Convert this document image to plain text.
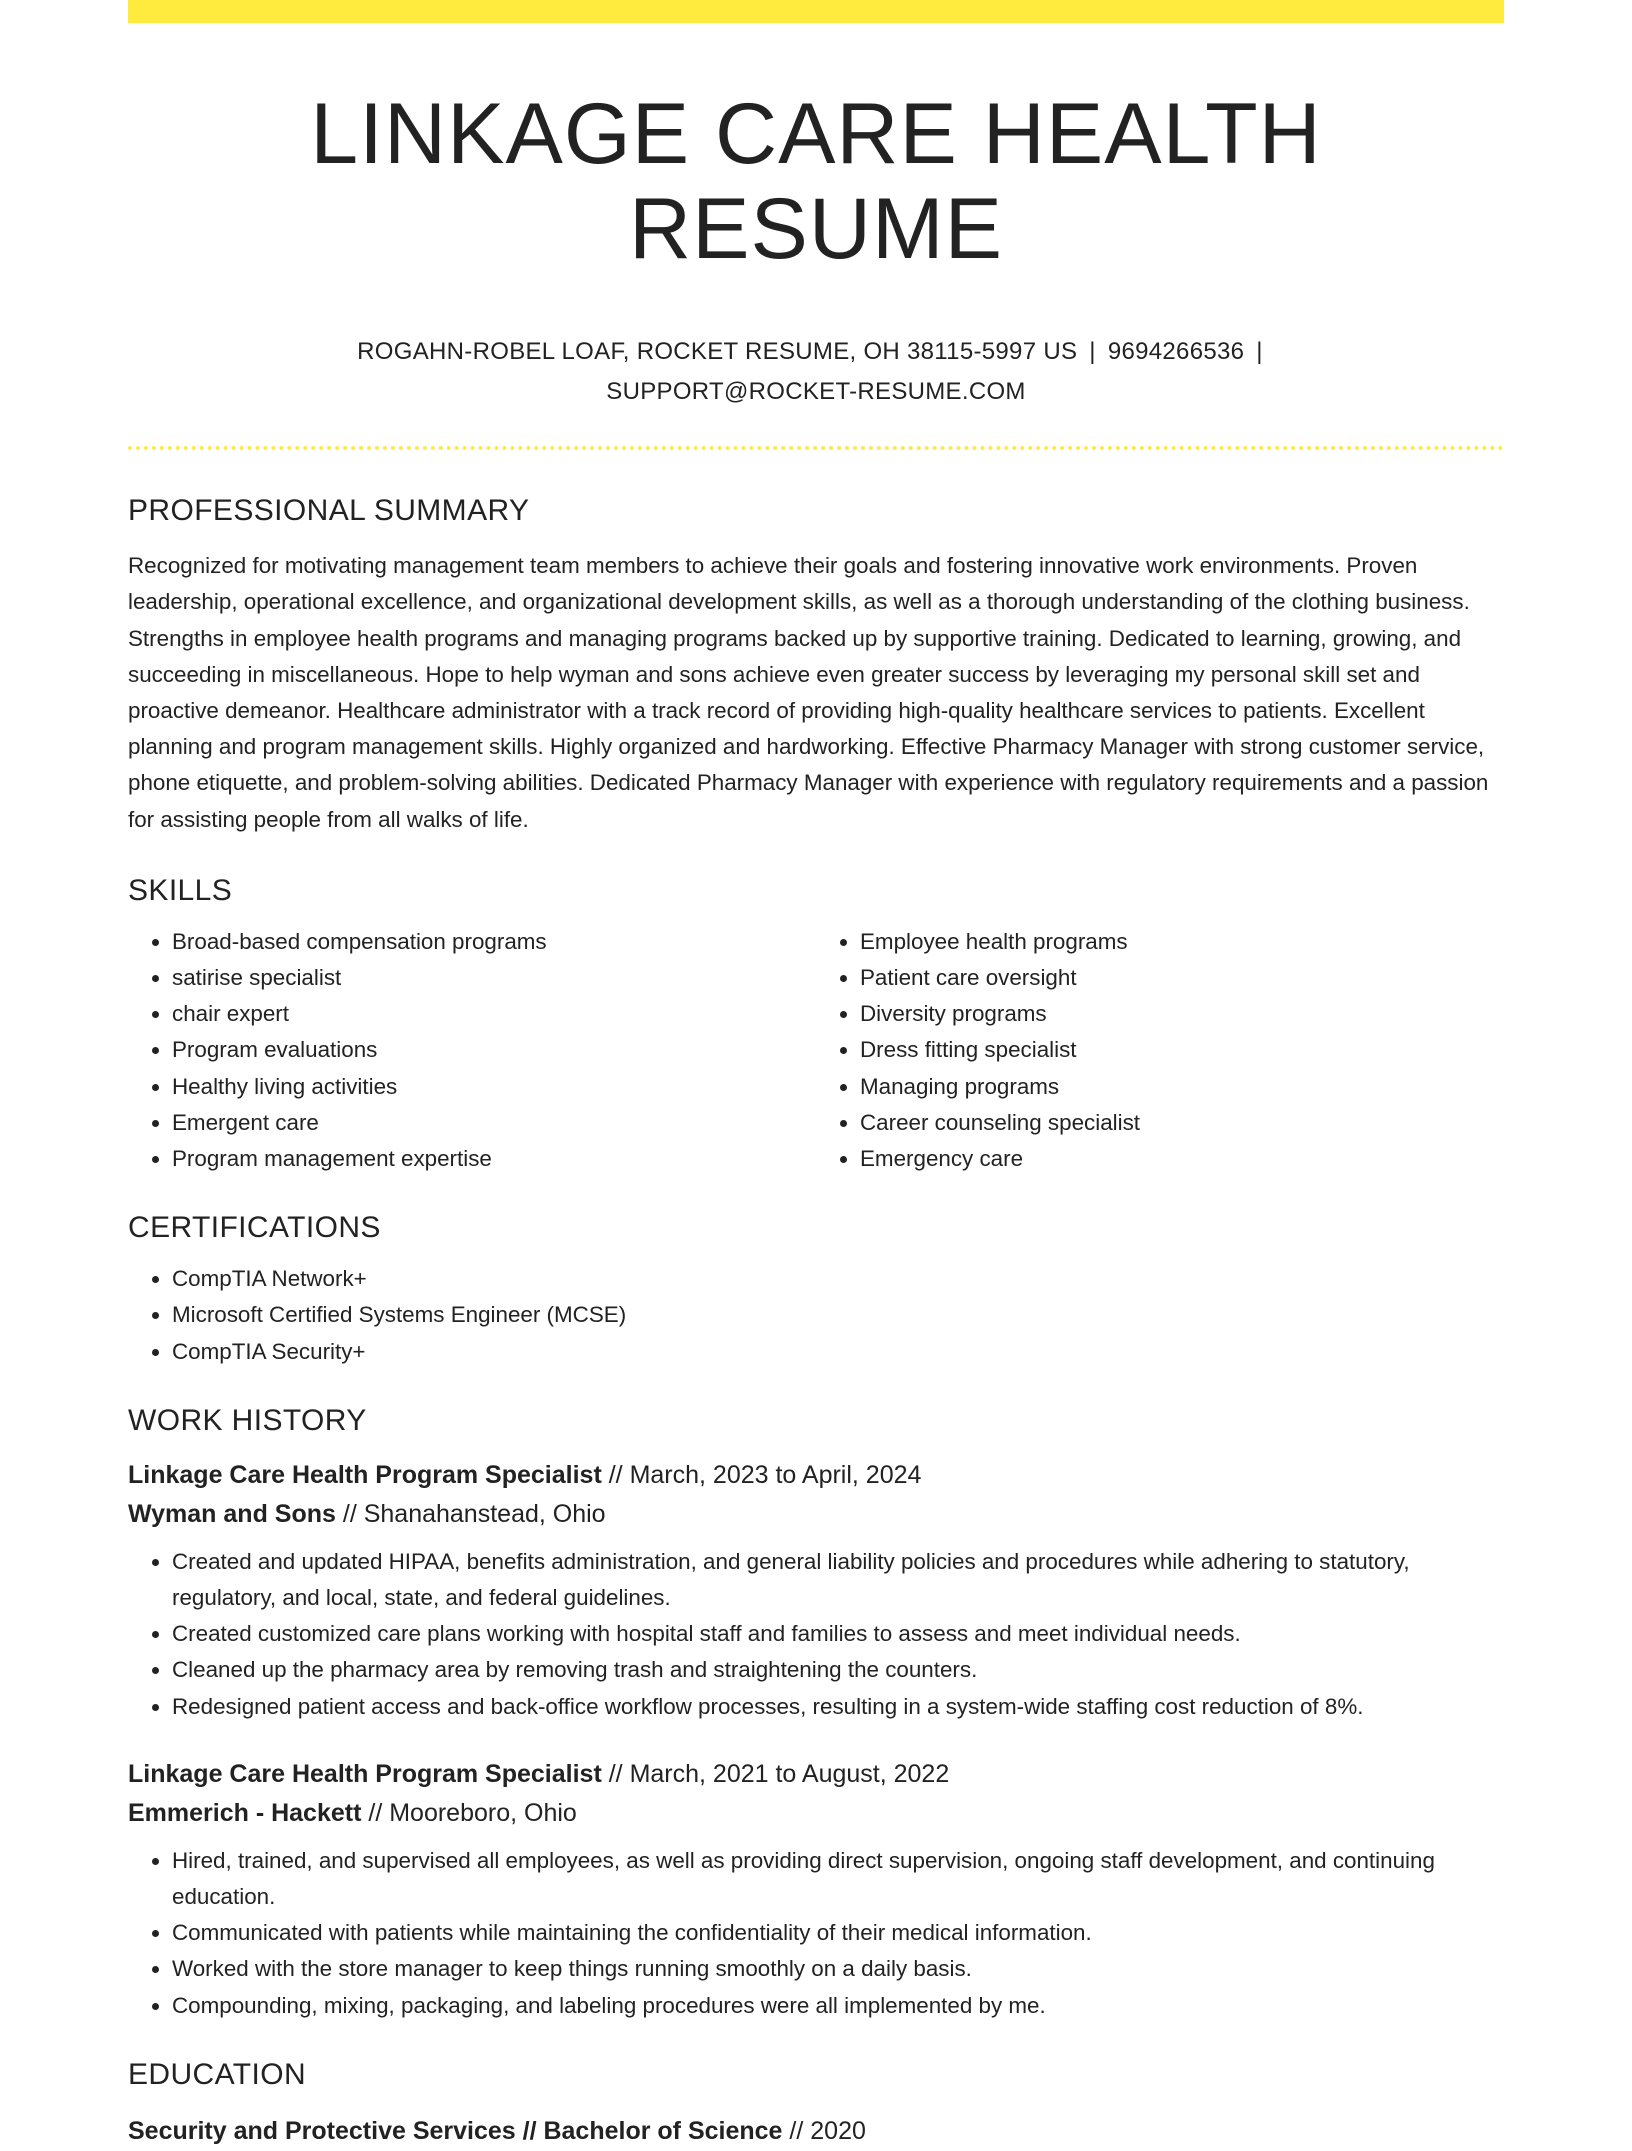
LINKAGE CARE HEALTH RESUME
ROGAHN-ROBEL LOAF, ROCKET RESUME, OH 38115-5997 US | 9694266536 |
SUPPORT@ROCKET-RESUME.COM
PROFESSIONAL SUMMARY
Recognized for motivating management team members to achieve their goals and fostering innovative work environments. Proven leadership, operational excellence, and organizational development skills, as well as a thorough understanding of the clothing business. Strengths in employee health programs and managing programs backed up by supportive training. Dedicated to learning, growing, and succeeding in miscellaneous. Hope to help wyman and sons achieve even greater success by leveraging my personal skill set and proactive demeanor. Healthcare administrator with a track record of providing high-quality healthcare services to patients. Excellent planning and program management skills. Highly organized and hardworking. Effective Pharmacy Manager with strong customer service, phone etiquette, and problem-solving abilities. Dedicated Pharmacy Manager with experience with regulatory requirements and a passion for assisting people from all walks of life.
SKILLS
• Broad-based compensation programs
• satirise specialist
• chair expert
• Program evaluations
• Healthy living activities
• Emergent care
• Program management expertise
• Employee health programs
• Patient care oversight
• Diversity programs
• Dress fitting specialist
• Managing programs
• Career counseling specialist
• Emergency care
CERTIFICATIONS
• CompTIA Network+
• Microsoft Certified Systems Engineer (MCSE)
• CompTIA Security+
WORK HISTORY
Linkage Care Health Program Specialist // March, 2023 to April, 2024
Wyman and Sons // Shanahanstead, Ohio
• Created and updated HIPAA, benefits administration, and general liability policies and procedures while adhering to statutory, regulatory, and local, state, and federal guidelines.
• Created customized care plans working with hospital staff and families to assess and meet individual needs.
• Cleaned up the pharmacy area by removing trash and straightening the counters.
• Redesigned patient access and back-office workflow processes, resulting in a system-wide staffing cost reduction of 8%.
Linkage Care Health Program Specialist // March, 2021 to August, 2022
Emmerich - Hackett // Mooreboro, Ohio
• Hired, trained, and supervised all employees, as well as providing direct supervision, ongoing staff development, and continuing education.
• Communicated with patients while maintaining the confidentiality of their medical information.
• Worked with the store manager to keep things running smoothly on a daily basis.
• Compounding, mixing, packaging, and labeling procedures were all implemented by me.
EDUCATION
Security and Protective Services // Bachelor of Science // 2020
